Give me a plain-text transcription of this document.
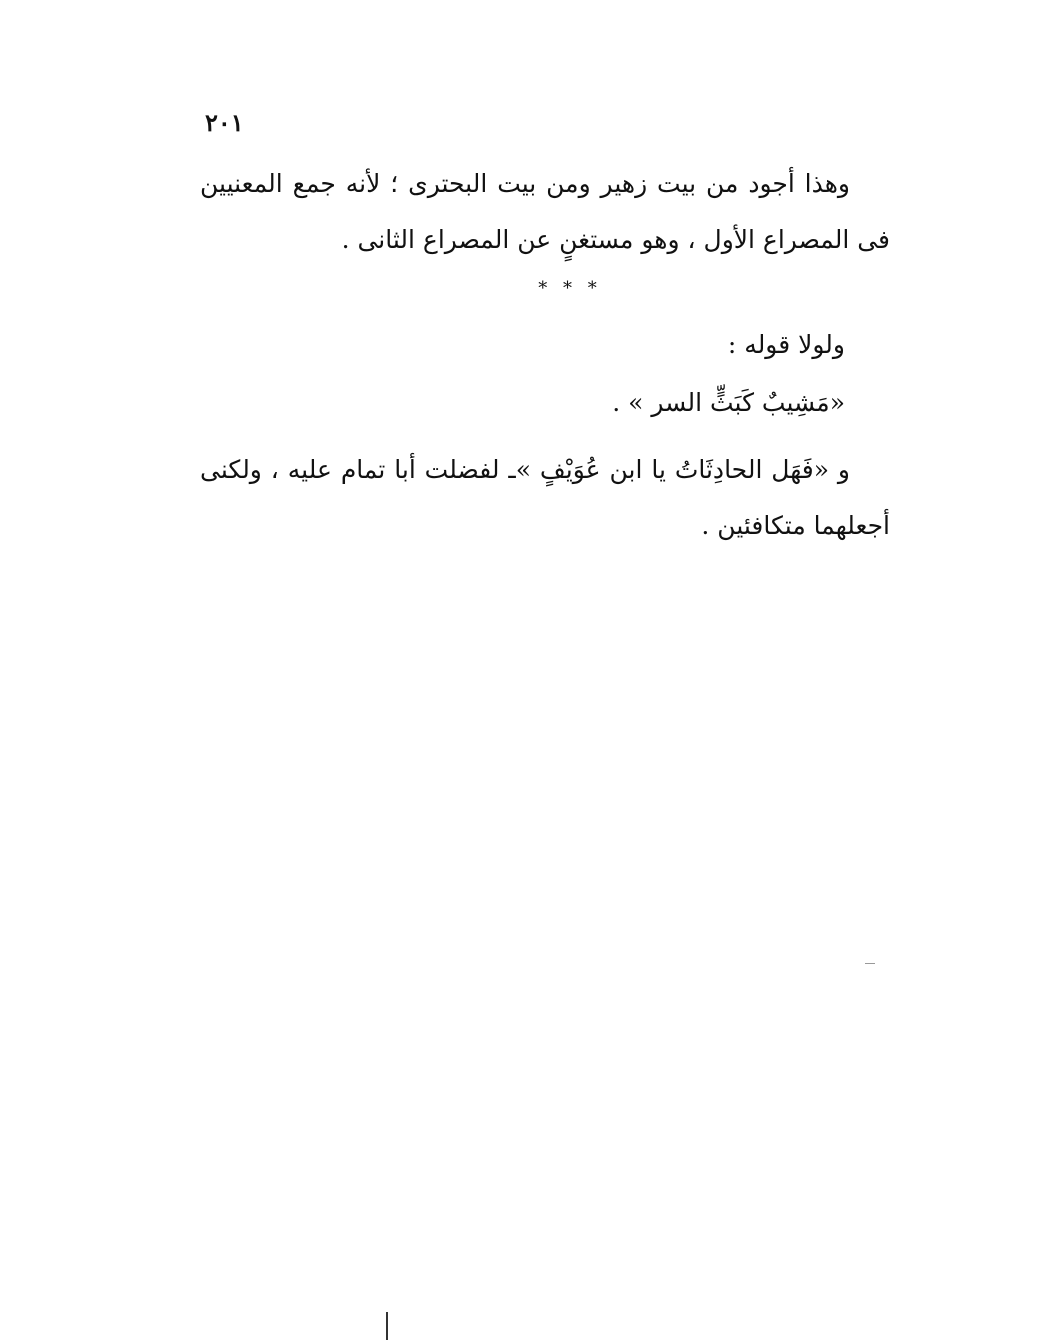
٢٠١

وهذا أجود من بيت زهير ومن بيت البحترى ؛ لأنه جمع المعنيين فى المصراع الأول ، وهو مستغنٍ عن المصراع الثانى .

* * *
ولولا قوله :
«مَشِيبٌ كَبَثٍّ السر » .

و «فَهَل الحادِثَاتُ يا ابن عُوَيْفٍ »ـ لفضلت أبا تمام عليه ، ولكنى أجعلهما متكافئين .
